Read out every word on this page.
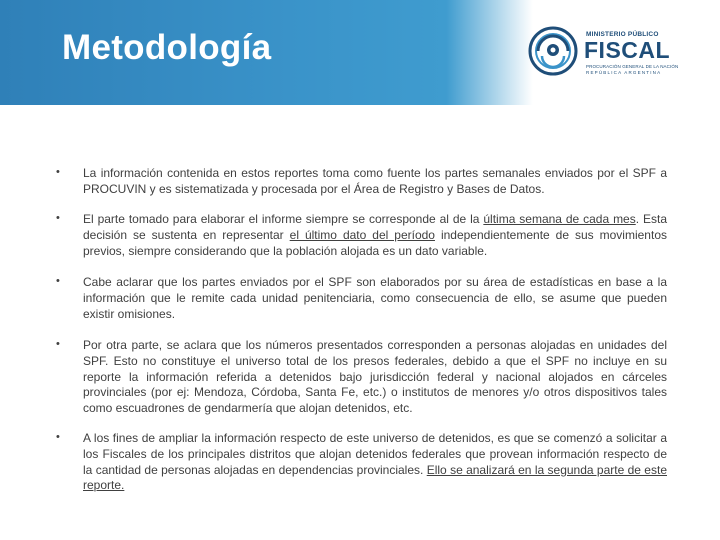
Metodología	MINISTERIO PÚBLICO
FISCAL
PROCURACIÓN GENERAL DE LA NACIÓN
REPÚBLICA ARGENTINA
• La información contenida en estos reportes toma como fuente los partes semanales enviados por el SPF a PROCUVIN y es sistematizada y procesada por el Área de Registro y Bases de Datos.

• El parte tomado para elaborar el informe siempre se corresponde al de la última semana de cada mes. Esta decisión se sustenta en representar el último dato del período independientemente de sus movimientos previos, siempre considerando que la población alojada es un dato variable.

• Cabe aclarar que los partes enviados por el SPF son elaborados por su área de estadísticas en base a la información que le remite cada unidad penitenciaria, como consecuencia de ello, se asume que pueden existir omisiones.

• Por otra parte, se aclara que los números presentados corresponden a personas alojadas en unidades del SPF. Esto no constituye el universo total de los presos federales, debido a que el SPF no incluye en su reporte la información referida a detenidos bajo jurisdicción federal y nacional alojados en cárceles provinciales (por ej: Mendoza, Córdoba, Santa Fe, etc.) o institutos de menores y/o otros dispositivos tales como escuadrones de gendarmería que alojan detenidos, etc.

• A los fines de ampliar la información respecto de este universo de detenidos, es que se comenzó a solicitar a los Fiscales de los principales distritos que alojan detenidos federales que provean información respecto de la cantidad de personas alojadas en dependencias provinciales. Ello se analizará en la segunda parte de este reporte.
